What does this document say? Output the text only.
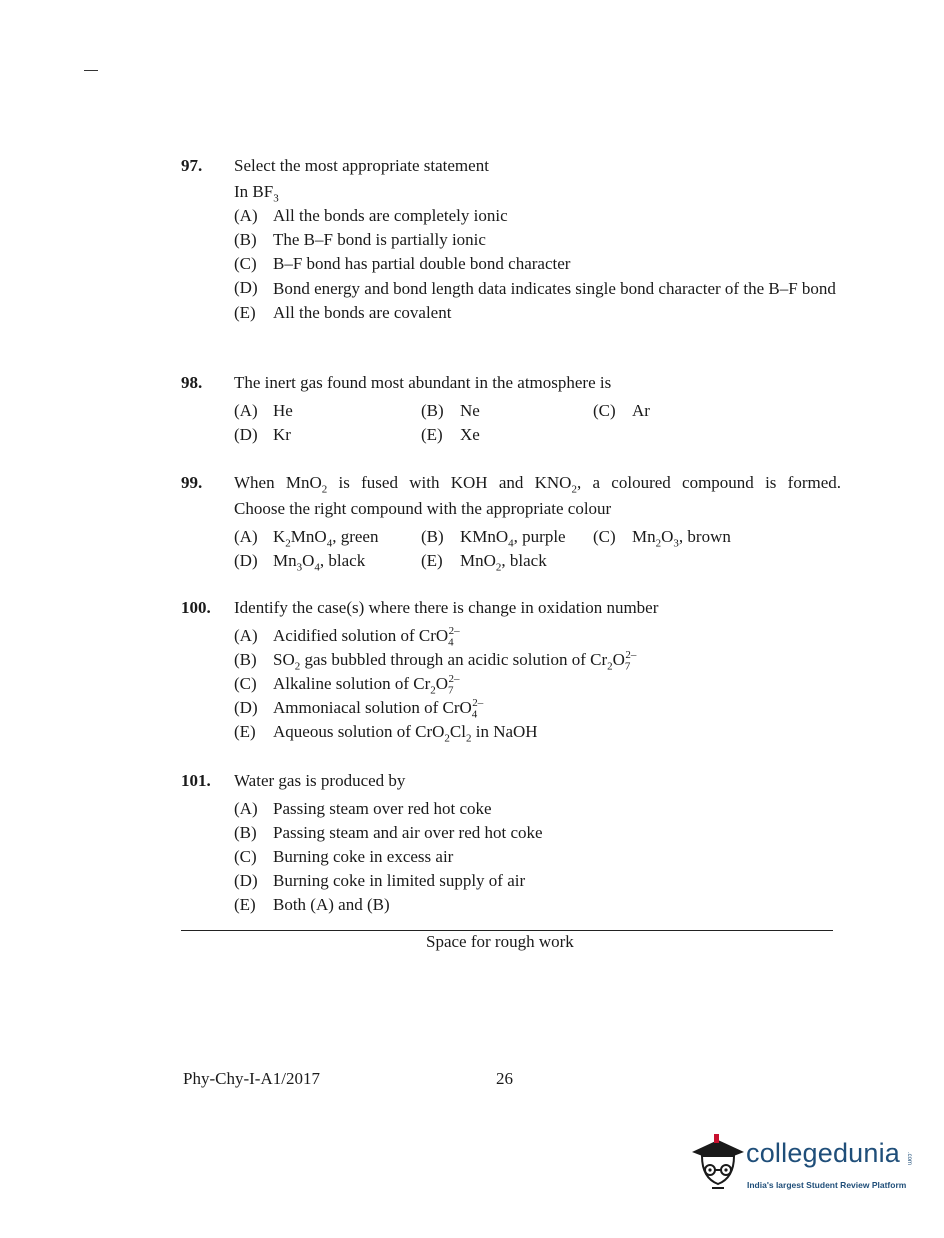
97. Select the most appropriate statement
In $BF_3$
(A) All the bonds are completely ionic
(B) The B–F bond is partially ionic
(C) B–F bond has partial double bond character
(D) Bond energy and bond length data indicates single bond character of the B–F bond
(E) All the bonds are covalent
98. The inert gas found most abundant in the atmosphere is
(A) He	(B) Ne	(C) Ar
(D) Kr	(E) Xe
99. When MnO$_2$ is fused with KOH and $KNO_2$, a coloured compound is formed.
Choose the right compound with the appropriate colour
(A) $K_2MnO_4$, green	(B) KMnO$_4$, purple	(C) $Mn_2O_3$, brown
(D) $Mn_3O_4$, black	(E) MnO$_2$, black
100. Identify the case(s) where there is change in oxidation number
(A) Acidified solution of CrO$_4^{2-}$
(B) $SO_2$ gas bubbled through an acidic solution of $Cr_2O_7^{2-}$
(C) Alkaline solution of $Cr_2O_7^{2-}$
(D) Ammoniacal solution of CrO$_4^{2-}$
(E) Aqueous solution of $CrO_2Cl_2$ in NaOH
101. Water gas is produced by
(A) Passing steam over red hot coke
(B) Passing steam and air over red hot coke
(C) Burning coke in excess air
(D) Burning coke in limited supply of air
(E) Both (A) and (B)
Space for rough work
Phy-Chy-I-A1/2017	26
collegedunia .com
India's largest Student Review Platform
